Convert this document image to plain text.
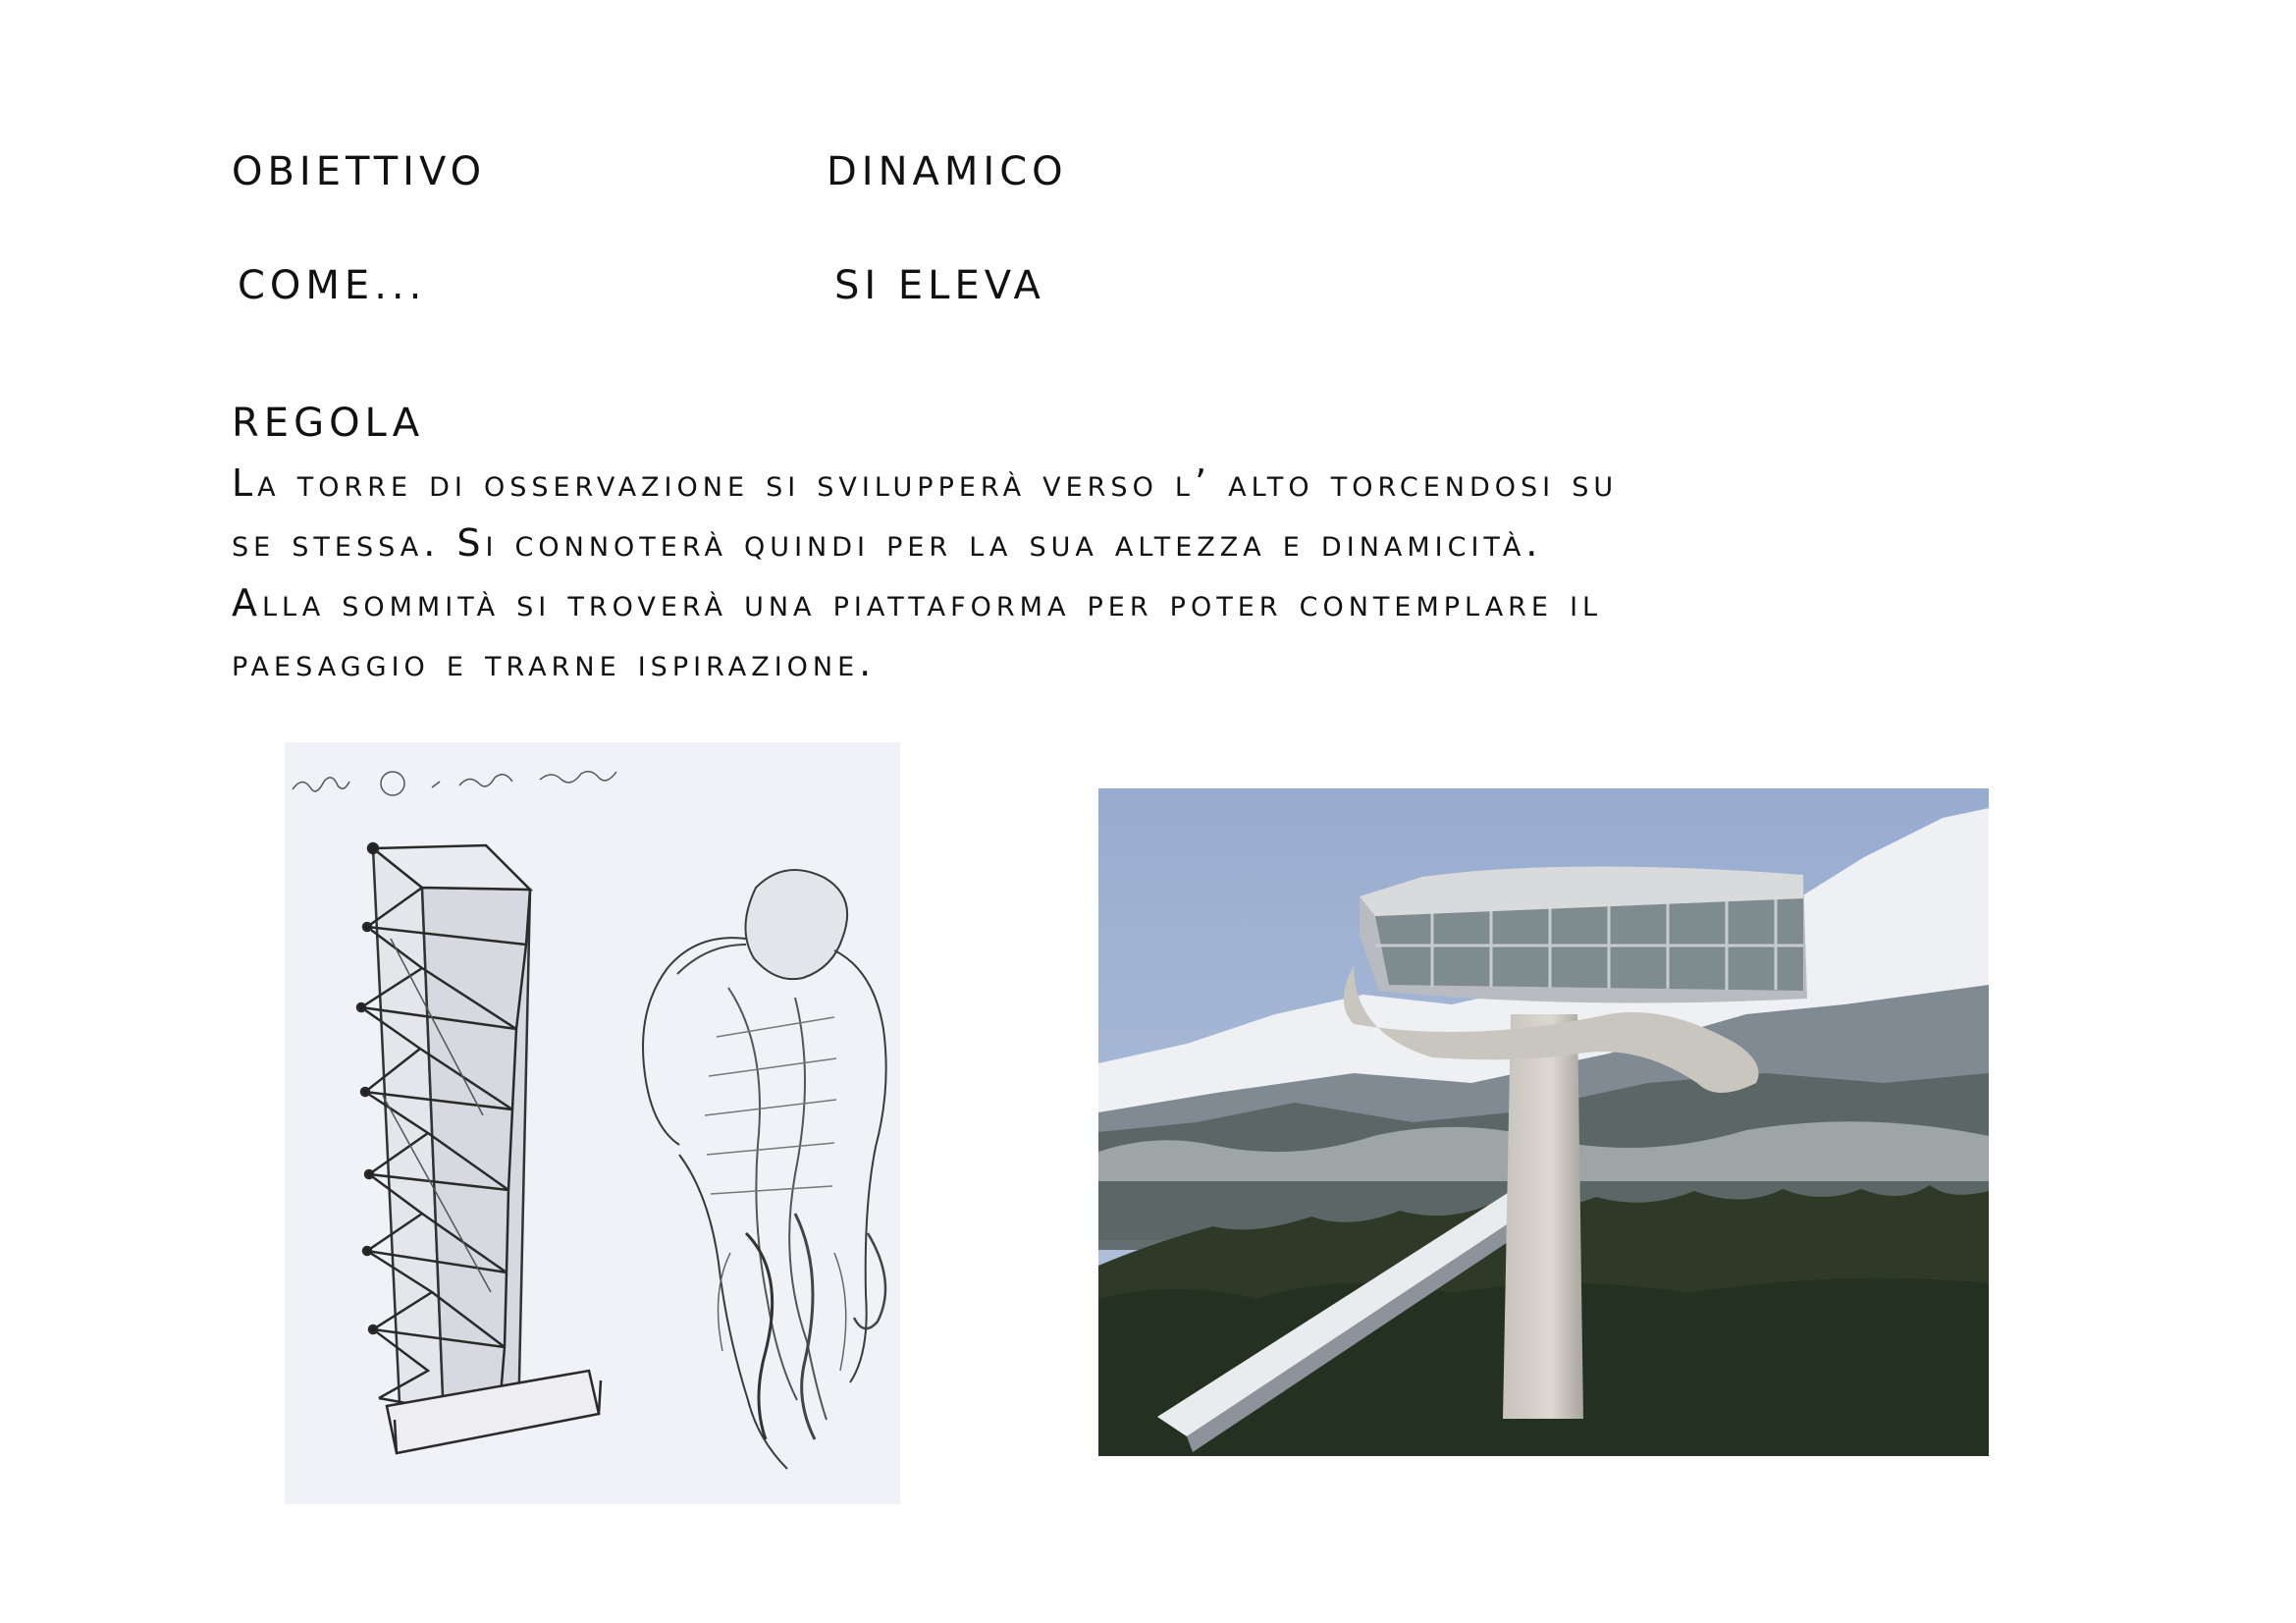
OBIETTIVO	DINAMICO
COME...	SI ELEVA
REGOLA
La torre di osservazione si svilupperà verso l’ alto torcendosi su
se stessa. Si connoterà quindi per la sua altezza e dinamicità.
Alla sommità si troverà una piattaforma per poter contemplare il
paesaggio e trarne ispirazione.
